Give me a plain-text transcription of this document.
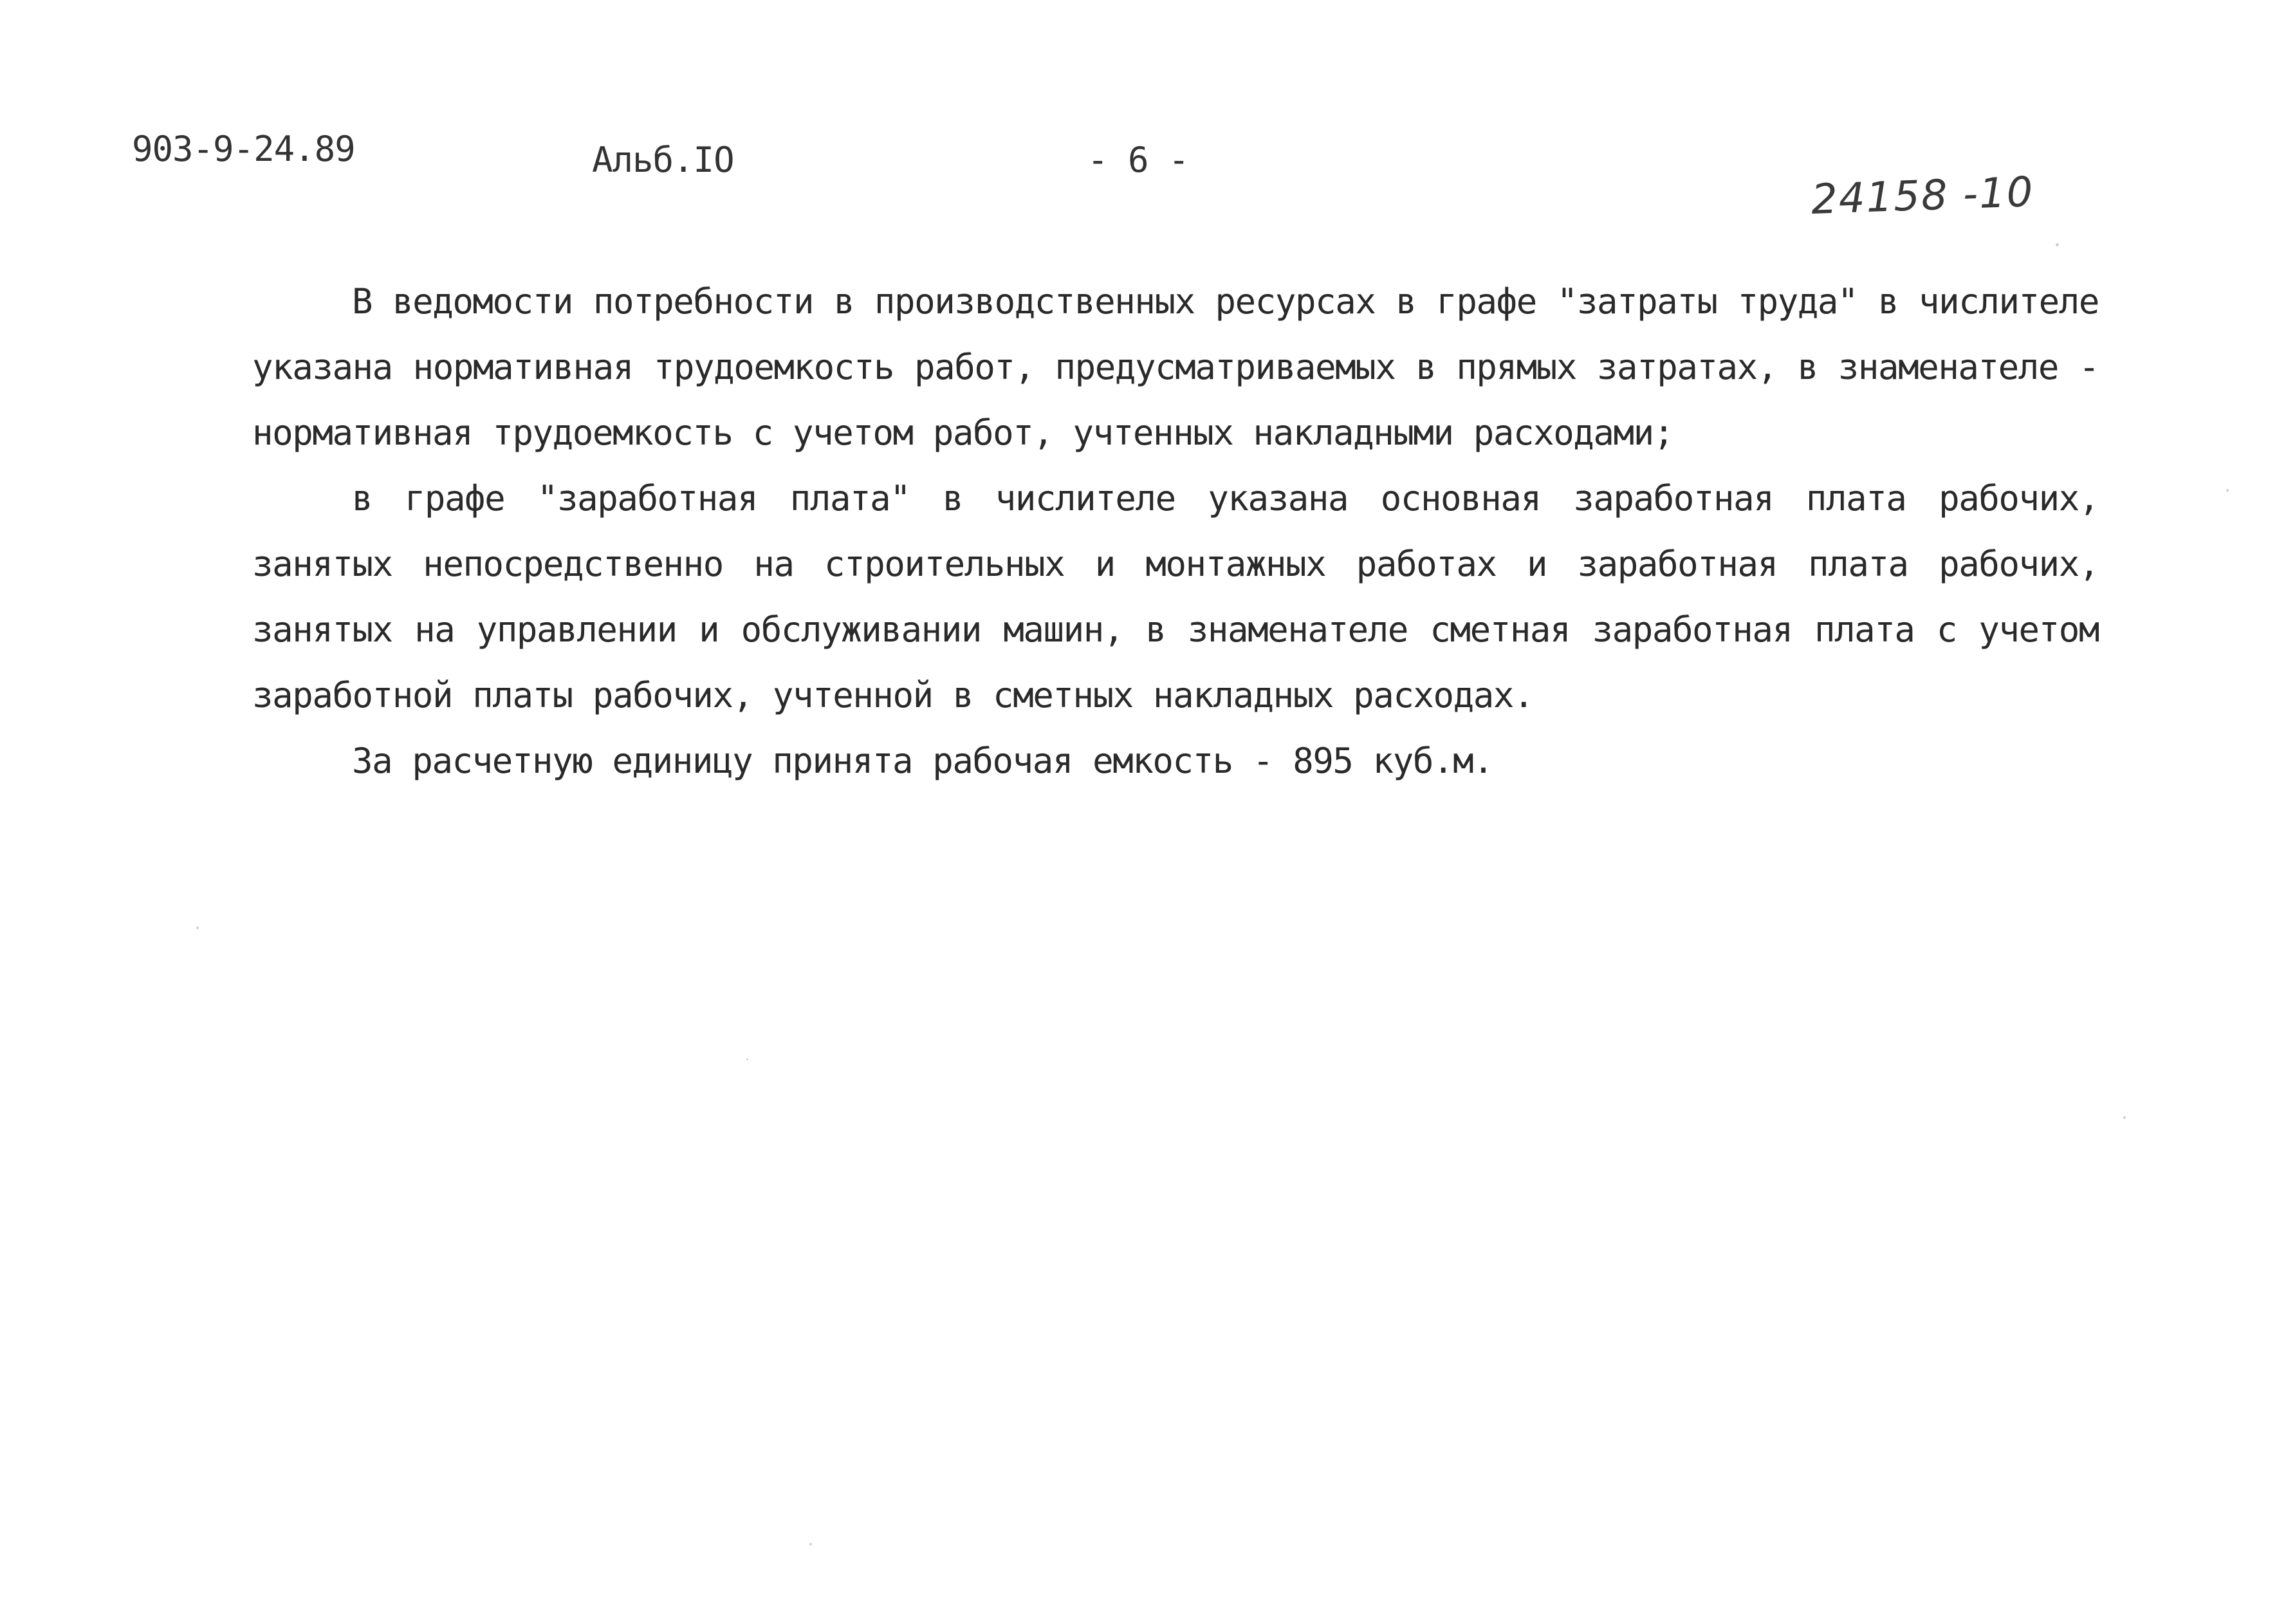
903-9-24.89	Альб.IO	- 6 -
24158 -10

В ведомости потребности в производственных ресурсах в графе "затраты труда" в числителе указана нормативная трудоемкость работ, предусматриваемых в прямых затратах, в знаменателе - нормативная трудоемкость с учетом работ, учтенных накладными расходами;

в графе "заработная плата" в числителе указана основная заработная плата рабочих, занятых непосредственно на строительных и монтажных работах и заработная плата рабочих, занятых на управлении и обслуживании машин, в знаменателе сметная заработная плата с учетом заработной платы рабочих, учтенной в сметных накладных расходах.

За расчетную единицу принята рабочая емкость - 895 куб.м.
